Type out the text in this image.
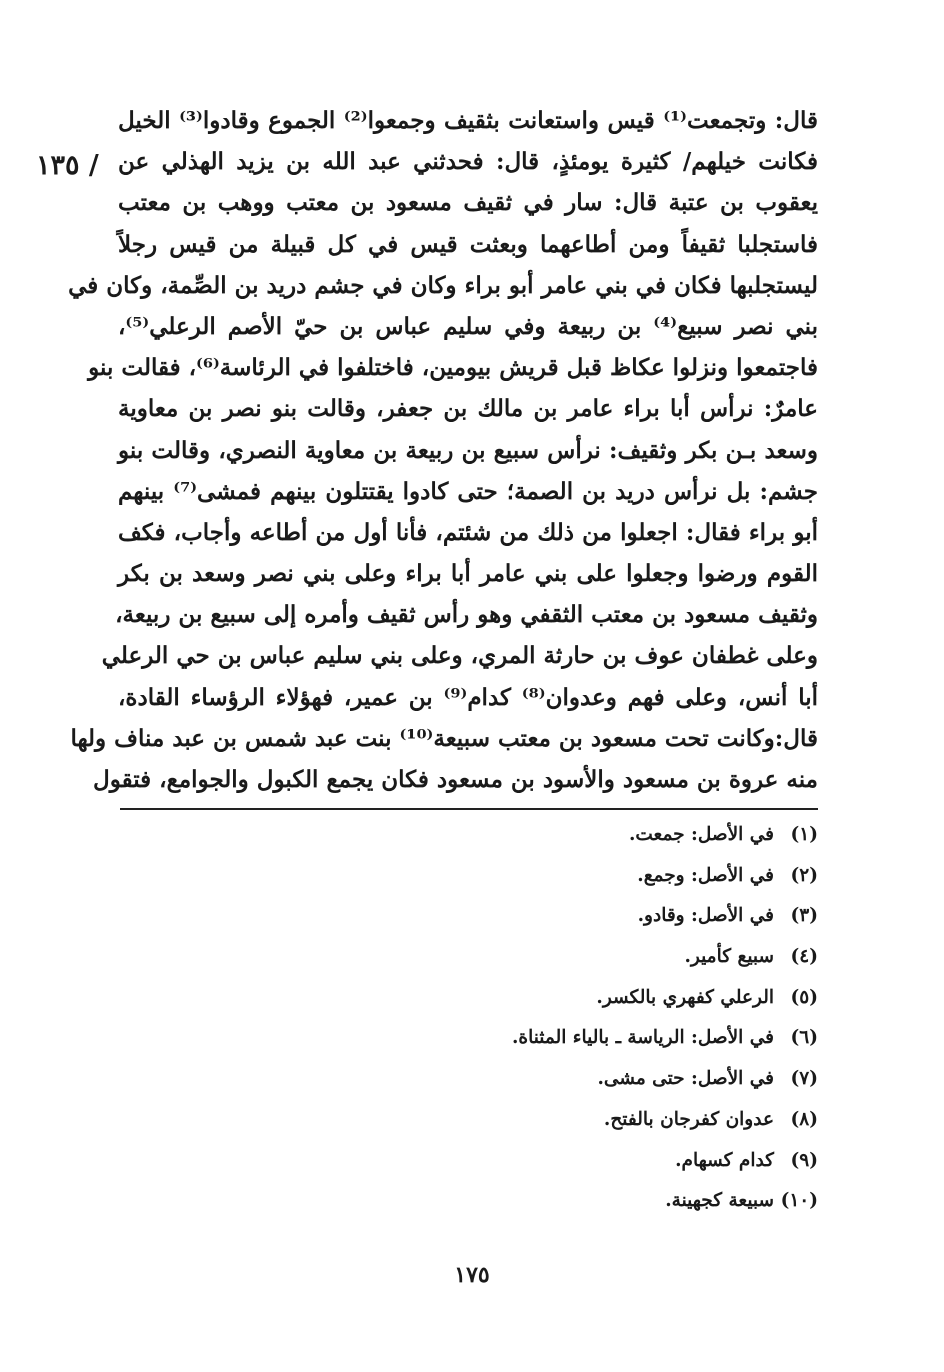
/ ١٣٥
قال: وتجمعت⁽¹⁾ قيس واستعانت بثقيف وجمعوا⁽²⁾ الجموع وقادوا⁽³⁾ الخيل
فكانت خيلهم/ كثيرة يومئذٍ، قال: فحدثني عبد الله بن يزيد الهذلي عن
يعقوب بن عتبة قال: سار في ثقيف مسعود بن معتب ووهب بن معتب
فاستجلبا ثقيفاً ومن أطاعهما وبعثت قيس في كل قبيلة من قيس رجلاً
ليستجلبها فكان في بني عامر أبو براء وكان في جشم دريد بن الصِّمة، وكان في
بني نصر سبيع⁽⁴⁾ بن ربيعة وفي سليم عباس بن حيّ الأصم الرعلي⁽⁵⁾،
فاجتمعوا ونزلوا عكاظ قبل قريش بيومين، فاختلفوا في الرئاسة⁽⁶⁾، فقالت بنو
عامرٌ: نرأس أبا براء عامر بن مالك بن جعفر، وقالت بنو نصر بن معاوية
وسعد بـن بكر وثقيف: نرأس سبيع بن ربيعة بن معاوية النصري، وقالت بنو
جشم: بل نرأس دريد بن الصمة؛ حتى كادوا يقتتلون بينهم فمشى⁽⁷⁾ بينهم
أبو براء فقال: اجعلوا من ذلك من شئتم، فأنا أول من أطاعه وأجاب، فكف
القوم ورضوا وجعلوا على بني عامر أبا براء وعلى بني نصر وسعد بن بكر
وثقيف مسعود بن معتب الثقفي وهو رأس ثقيف وأمره إلى سبيع بن ربيعة،
وعلى غطفان عوف بن حارثة المري، وعلى بني سليم عباس بن حي الرعلي
أبا أنس، وعلى فهم وعدوان⁽⁸⁾ كدام⁽⁹⁾ بن عمير، فهؤلاء الرؤساء القادة،
قال:وكانت تحت مسعود بن معتب سبيعة⁽¹⁰⁾ بنت عبد شمس بن عبد مناف ولها
منه عروة بن مسعود والأسود بن مسعود فكان يجمع الكبول والجوامع، فتقول
(١)
في الأصل: جمعت.
(٢)
في الأصل: وجمع.
(٣)
في الأصل: وقادو.
(٤)
سبيع كأمير.
(٥)
الرعلي كفهري بالكسر.
(٦)
في الأصل: الرياسة ـ بالياء المثناة.
(٧)
في الأصل: حتى مشى.
(٨)
عدوان كفرجان بالفتح.
(٩)
كدام كسهام.
(١٠)
سبيعة كجهينة.
١٧٥
